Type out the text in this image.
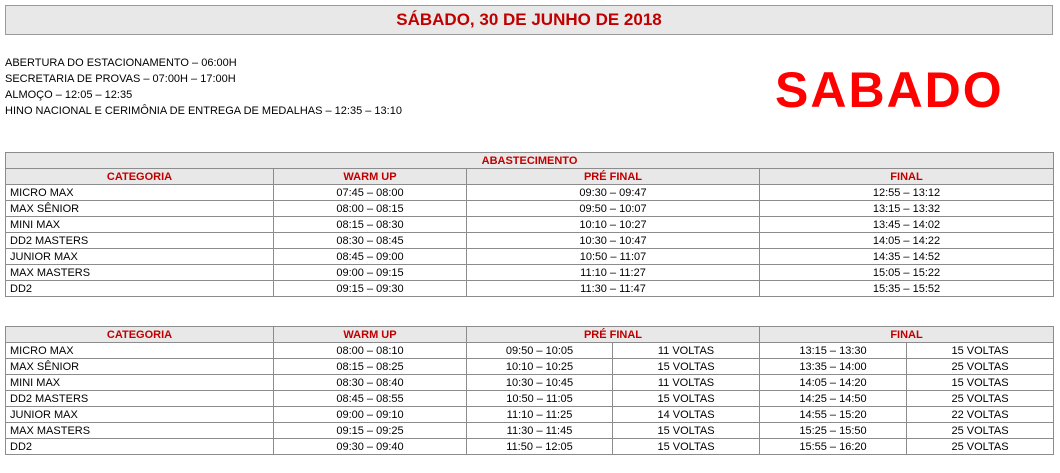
SÁBADO, 30 DE JUNHO DE 2018
ABERTURA DO ESTACIONAMENTO – 06:00H
SECRETARIA DE PROVAS – 07:00H – 17:00H
ALMOÇO – 12:05 – 12:35
HINO NACIONAL E CERIMÔNIA DE ENTREGA DE MEDALHAS – 12:35 – 13:10	SABADO
ABASTECIMENTO			
CATEGORIA	WARM UP	PRÉ FINAL	FINAL
MICRO MAX	07:45 – 08:00	09:30 – 09:47	12:55 – 13:12
MAX SÊNIOR	08:00 – 08:15	09:50 – 10:07	13:15 – 13:32
MINI MAX	08:15 – 08:30	10:10 – 10:27	13:45 – 14:02
DD2 MASTERS	08:30 – 08:45	10:30 – 10:47	14:05 – 14:22
JUNIOR MAX	08:45 – 09:00	10:50 – 11:07	14:35 – 14:52
MAX MASTERS	09:00 – 09:15	11:10 – 11:27	15:05 – 15:22
DD2	09:15 – 09:30	11:30 – 11:47	15:35 – 15:52
CATEGORIA	WARM UP	PRÉ FINAL		FINAL	
MICRO MAX	08:00 – 08:10	09:50 – 10:05	11 VOLTAS	13:15 – 13:30	15 VOLTAS
MAX SÊNIOR	08:15 – 08:25	10:10 – 10:25	15 VOLTAS	13:35 – 14:00	25 VOLTAS
MINI MAX	08:30 – 08:40	10:30 – 10:45	11 VOLTAS	14:05 – 14:20	15 VOLTAS
DD2 MASTERS	08:45 – 08:55	10:50 – 11:05	15 VOLTAS	14:25 – 14:50	25 VOLTAS
JUNIOR MAX	09:00 – 09:10	11:10 – 11:25	14 VOLTAS	14:55 – 15:20	22 VOLTAS
MAX MASTERS	09:15 – 09:25	11:30 – 11:45	15 VOLTAS	15:25 – 15:50	25 VOLTAS
DD2	09:30 – 09:40	11:50 – 12:05	15 VOLTAS	15:55 – 16:20	25 VOLTAS
